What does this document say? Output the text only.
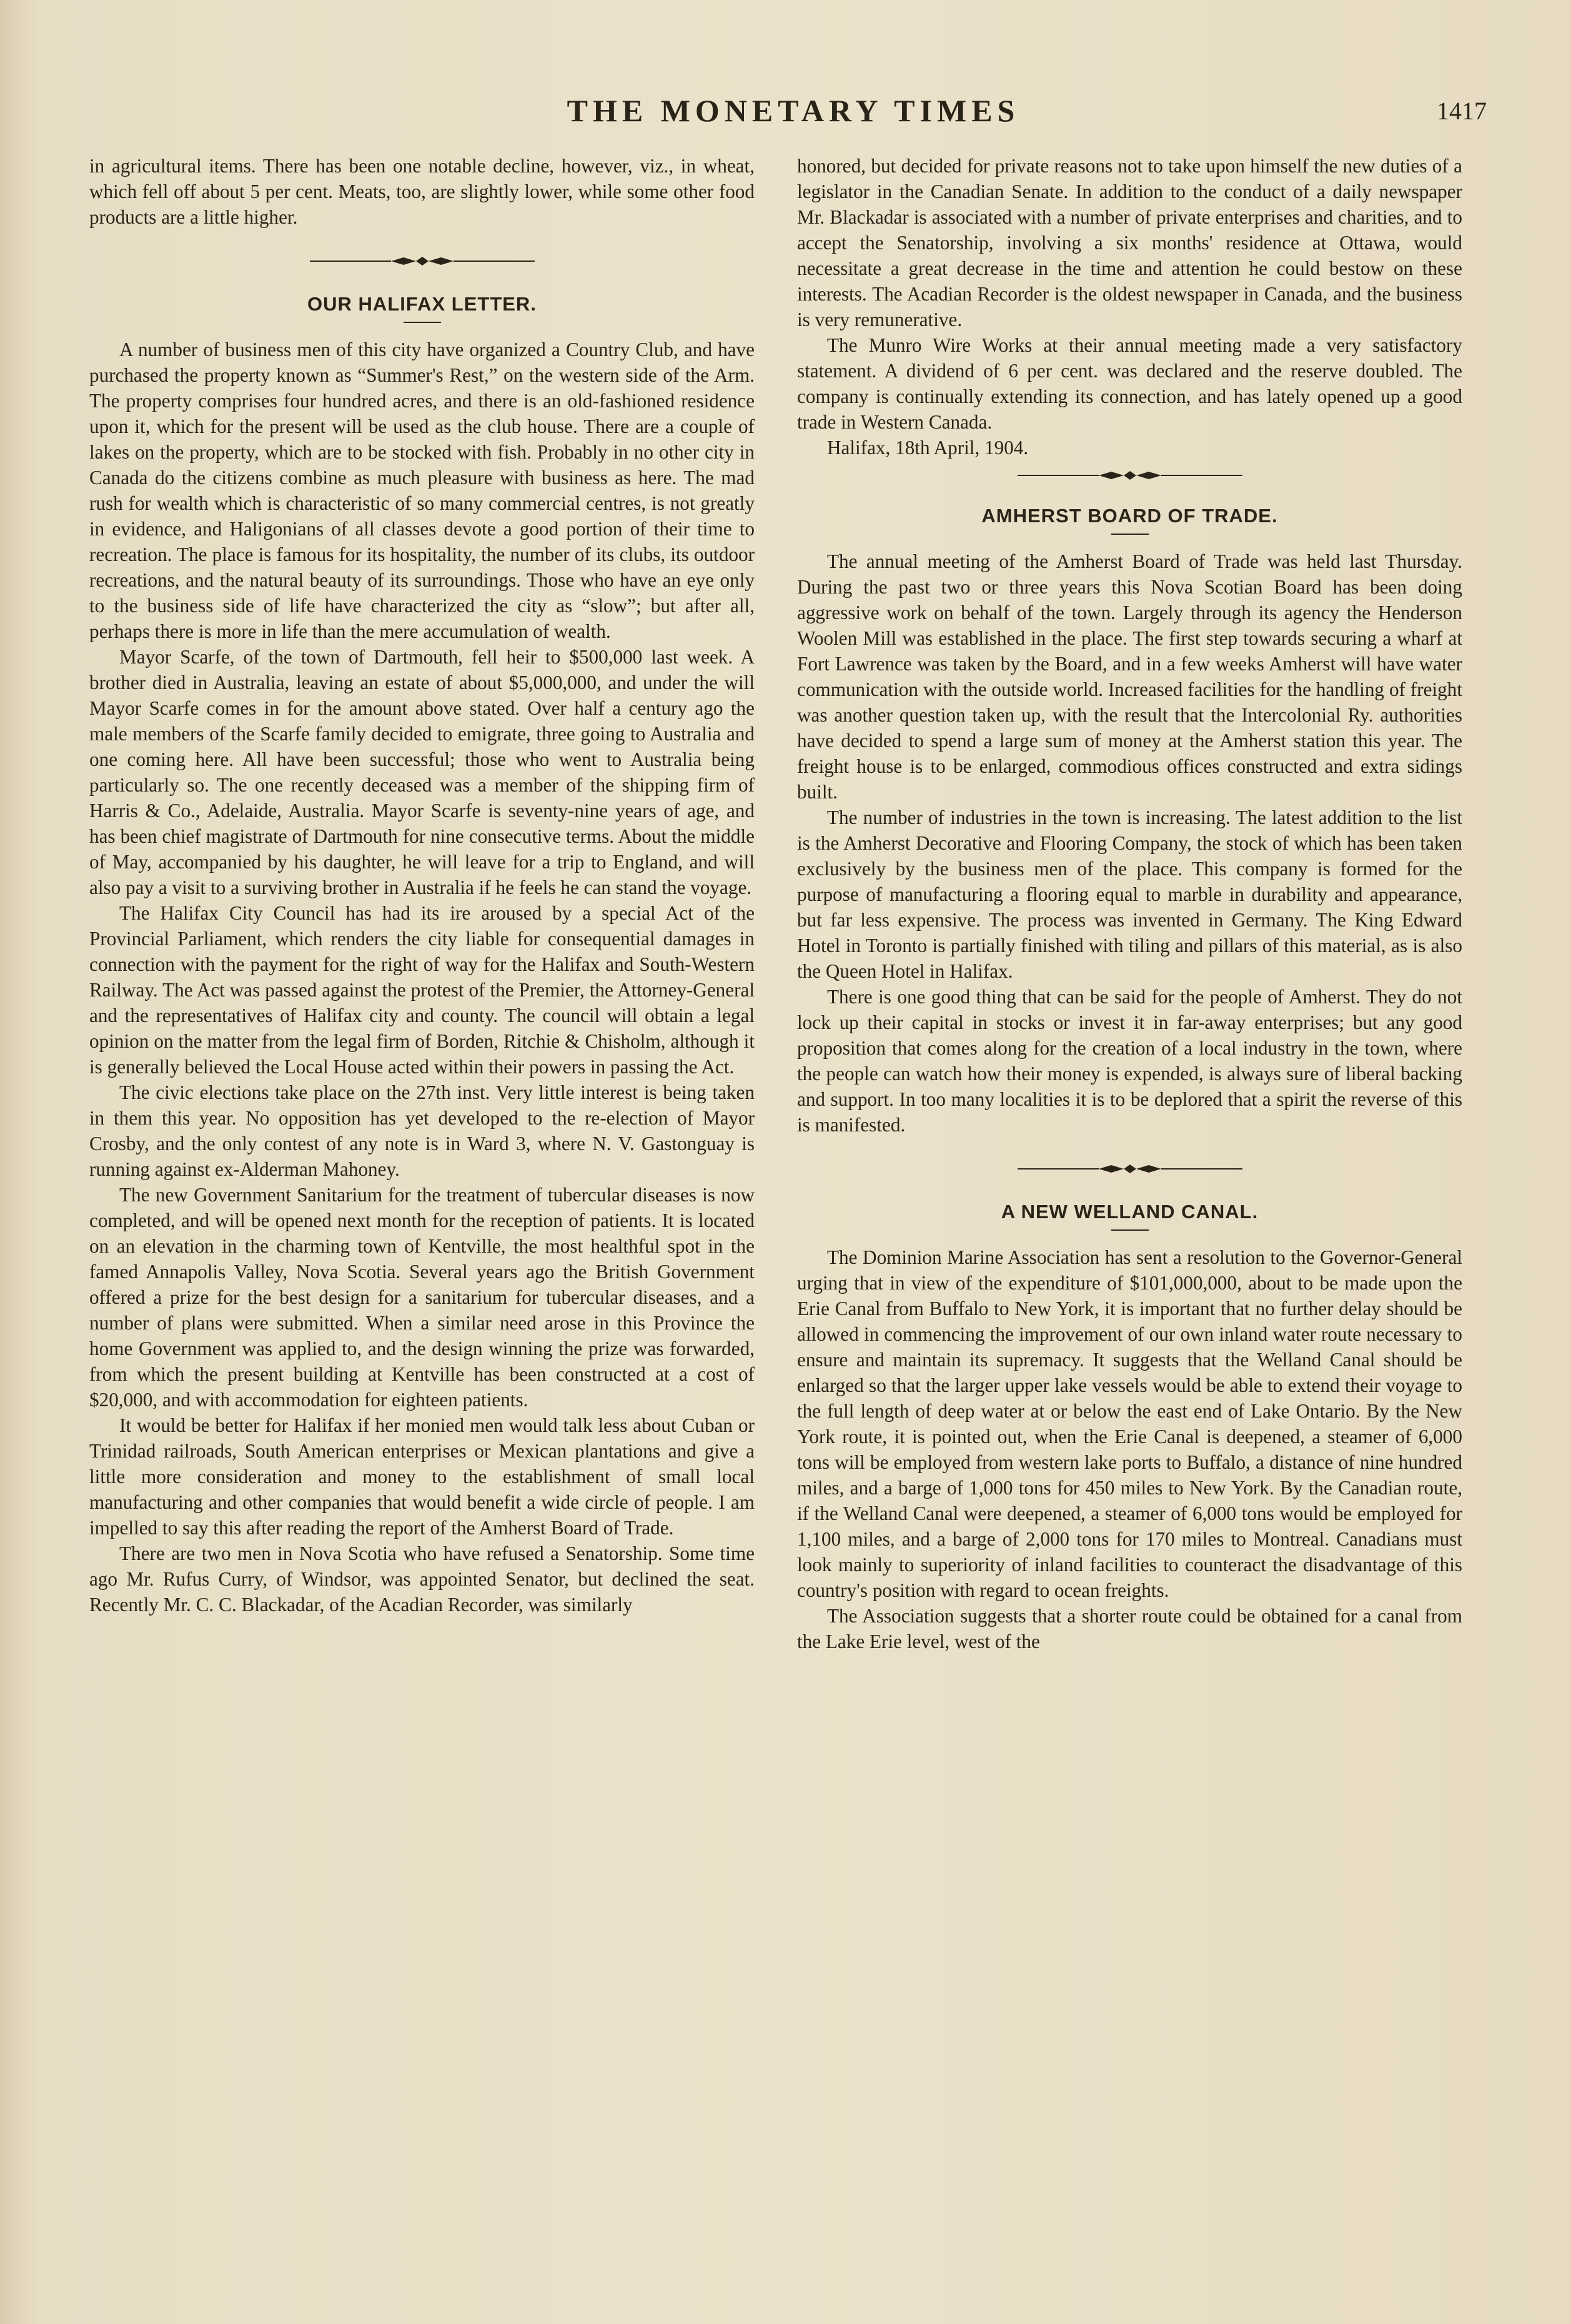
THE MONETARY TIMES	1417

in agricultural items. There has been one notable decline, however, viz., in wheat, which fell off about 5 per cent. Meats, too, are slightly lower, while some other food products are a little higher.

OUR HALIFAX LETTER.

A number of business men of this city have organized a Country Club, and have purchased the property known as “Summer's Rest,” on the western side of the Arm. The property comprises four hundred acres, and there is an old-fashioned residence upon it, which for the present will be used as the club house. There are a couple of lakes on the property, which are to be stocked with fish. Probably in no other city in Canada do the citizens combine as much pleasure with business as here. The mad rush for wealth which is characteristic of so many commercial centres, is not greatly in evidence, and Haligonians of all classes devote a good portion of their time to recreation. The place is famous for its hospitality, the number of its clubs, its outdoor recreations, and the natural beauty of its surroundings. Those who have an eye only to the business side of life have characterized the city as “slow”; but after all, perhaps there is more in life than the mere accumulation of wealth.

Mayor Scarfe, of the town of Dartmouth, fell heir to $500,000 last week. A brother died in Australia, leaving an estate of about $5,000,000, and under the will Mayor Scarfe comes in for the amount above stated. Over half a century ago the male members of the Scarfe family decided to emigrate, three going to Australia and one coming here. All have been successful; those who went to Australia being particularly so. The one recently deceased was a member of the shipping firm of Harris & Co., Adelaide, Australia. Mayor Scarfe is seventy-nine years of age, and has been chief magistrate of Dartmouth for nine consecutive terms. About the middle of May, accompanied by his daughter, he will leave for a trip to England, and will also pay a visit to a surviving brother in Australia if he feels he can stand the voyage.

The Halifax City Council has had its ire aroused by a special Act of the Provincial Parliament, which renders the city liable for consequential damages in connection with the payment for the right of way for the Halifax and South-Western Railway. The Act was passed against the protest of the Premier, the Attorney-General and the representatives of Halifax city and county. The council will obtain a legal opinion on the matter from the legal firm of Borden, Ritchie & Chisholm, although it is generally believed the Local House acted within their powers in passing the Act.

The civic elections take place on the 27th inst. Very little interest is being taken in them this year. No opposition has yet developed to the re-election of Mayor Crosby, and the only contest of any note is in Ward 3, where N. V. Gastonguay is running against ex-Alderman Mahoney.

The new Government Sanitarium for the treatment of tubercular diseases is now completed, and will be opened next month for the reception of patients. It is located on an elevation in the charming town of Kentville, the most healthful spot in the famed Annapolis Valley, Nova Scotia. Several years ago the British Government offered a prize for the best design for a sanitarium for tubercular diseases, and a number of plans were submitted. When a similar need arose in this Province the home Government was applied to, and the design winning the prize was forwarded, from which the present building at Kentville has been constructed at a cost of $20,000, and with accommodation for eighteen patients.

It would be better for Halifax if her monied men would talk less about Cuban or Trinidad railroads, South American enterprises or Mexican plantations and give a little more consideration and money to the establishment of small local manufacturing and other companies that would benefit a wide circle of people. I am impelled to say this after reading the report of the Amherst Board of Trade.

There are two men in Nova Scotia who have refused a Senatorship. Some time ago Mr. Rufus Curry, of Windsor, was appointed Senator, but declined the seat. Recently Mr. C. C. Blackadar, of the Acadian Recorder, was similarly

honored, but decided for private reasons not to take upon himself the new duties of a legislator in the Canadian Senate. In addition to the conduct of a daily newspaper Mr. Blackadar is associated with a number of private enterprises and charities, and to accept the Senatorship, involving a six months' residence at Ottawa, would necessitate a great decrease in the time and attention he could bestow on these interests. The Acadian Recorder is the oldest newspaper in Canada, and the business is very remunerative.

The Munro Wire Works at their annual meeting made a very satisfactory statement. A dividend of 6 per cent. was declared and the reserve doubled. The company is continually extending its connection, and has lately opened up a good trade in Western Canada.

Halifax, 18th April, 1904.

AMHERST BOARD OF TRADE.

The annual meeting of the Amherst Board of Trade was held last Thursday. During the past two or three years this Nova Scotian Board has been doing aggressive work on behalf of the town. Largely through its agency the Henderson Woolen Mill was established in the place. The first step towards securing a wharf at Fort Lawrence was taken by the Board, and in a few weeks Amherst will have water communication with the outside world. Increased facilities for the handling of freight was another question taken up, with the result that the Intercolonial Ry. authorities have decided to spend a large sum of money at the Amherst station this year. The freight house is to be enlarged, commodious offices constructed and extra sidings built.

The number of industries in the town is increasing. The latest addition to the list is the Amherst Decorative and Flooring Company, the stock of which has been taken exclusively by the business men of the place. This company is formed for the purpose of manufacturing a flooring equal to marble in durability and appearance, but far less expensive. The process was invented in Germany. The King Edward Hotel in Toronto is partially finished with tiling and pillars of this material, as is also the Queen Hotel in Halifax.

There is one good thing that can be said for the people of Amherst. They do not lock up their capital in stocks or invest it in far-away enterprises; but any good proposition that comes along for the creation of a local industry in the town, where the people can watch how their money is expended, is always sure of liberal backing and support. In too many localities it is to be deplored that a spirit the reverse of this is manifested.

A NEW WELLAND CANAL.

The Dominion Marine Association has sent a resolution to the Governor-General urging that in view of the expenditure of $101,000,000, about to be made upon the Erie Canal from Buffalo to New York, it is important that no further delay should be allowed in commencing the improvement of our own inland water route necessary to ensure and maintain its supremacy. It suggests that the Welland Canal should be enlarged so that the larger upper lake vessels would be able to extend their voyage to the full length of deep water at or below the east end of Lake Ontario. By the New York route, it is pointed out, when the Erie Canal is deepened, a steamer of 6,000 tons will be employed from western lake ports to Buffalo, a distance of nine hundred miles, and a barge of 1,000 tons for 450 miles to New York. By the Canadian route, if the Welland Canal were deepened, a steamer of 6,000 tons would be employed for 1,100 miles, and a barge of 2,000 tons for 170 miles to Montreal. Canadians must look mainly to superiority of inland facilities to counteract the disadvantage of this country's position with regard to ocean freights.

The Association suggests that a shorter route could be obtained for a canal from the Lake Erie level, west of the
